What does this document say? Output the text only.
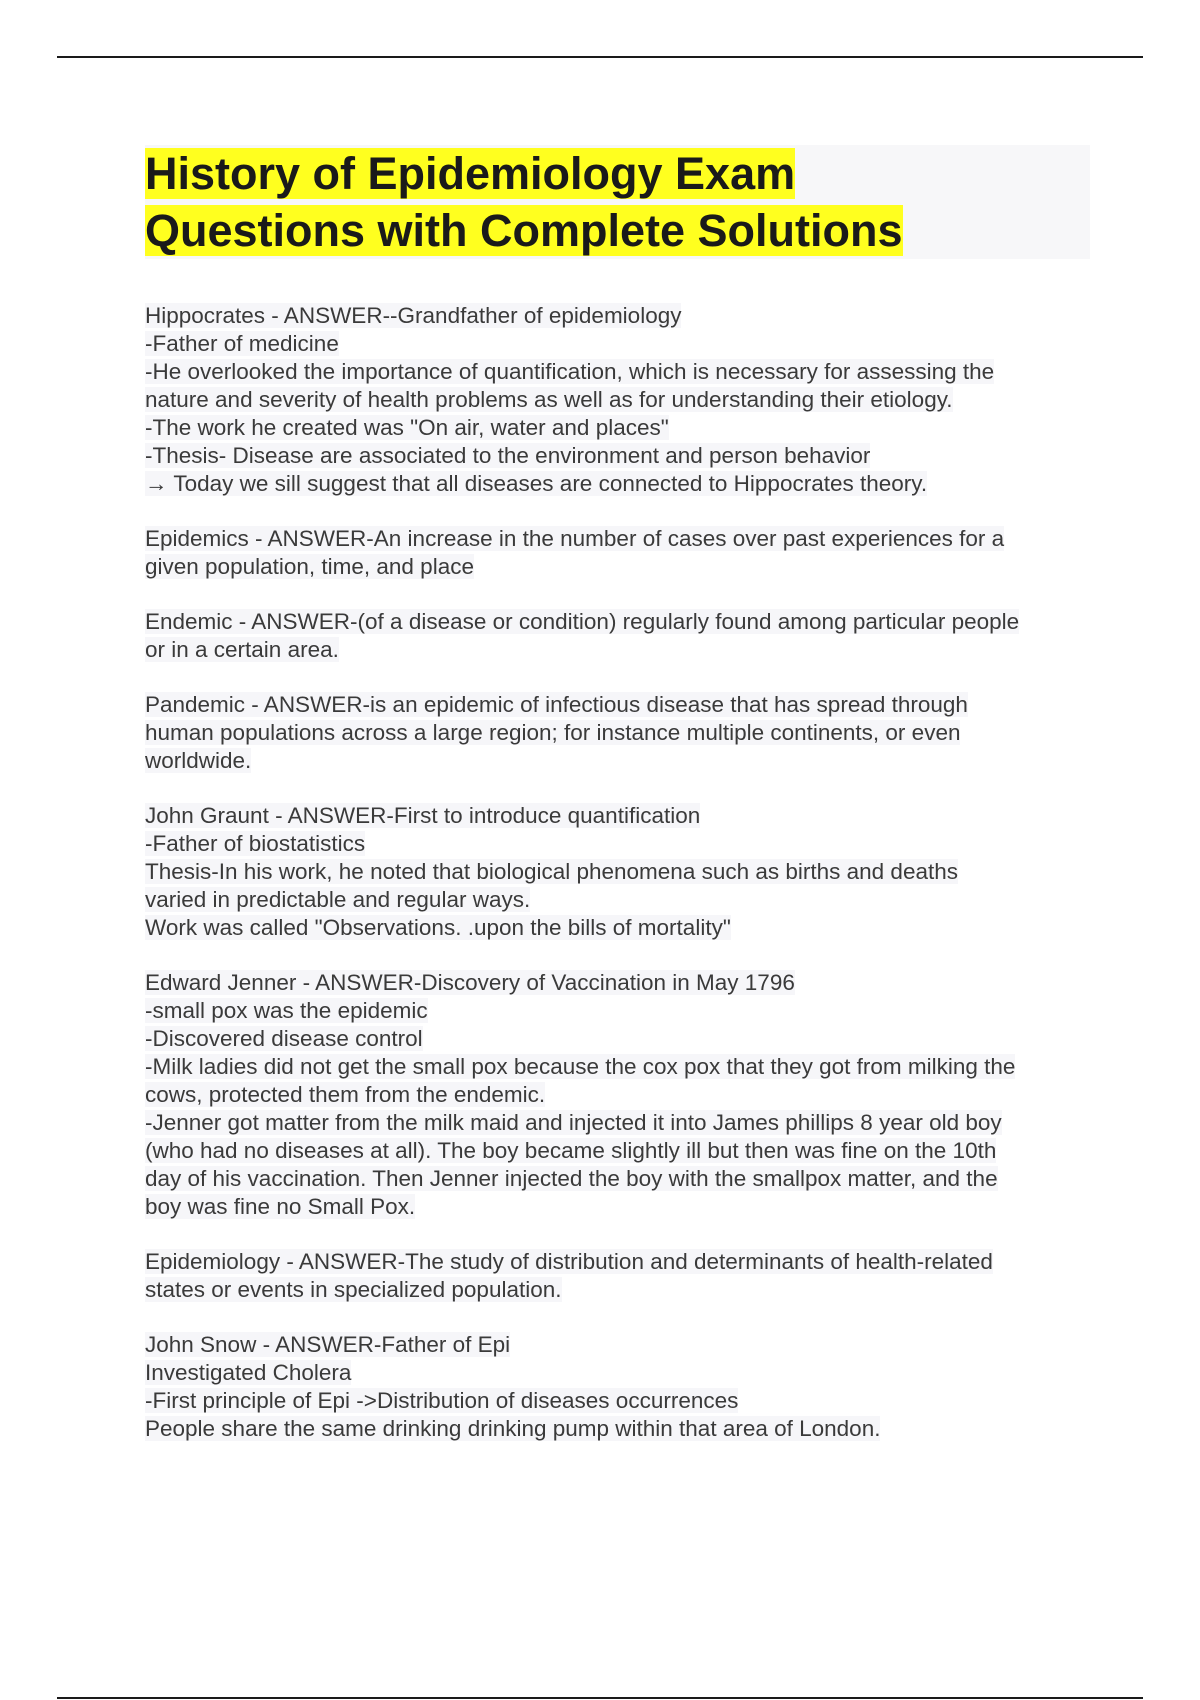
History of Epidemiology Exam
Questions with Complete Solutions

Hippocrates - ANSWER--Grandfather of epidemiology
-Father of medicine
-He overlooked the importance of quantification, which is necessary for assessing the
nature and severity of health problems as well as for understanding their etiology.
-The work he created was "On air, water and places"
-Thesis- Disease are associated to the environment and person behavior
→ Today we sill suggest that all diseases are connected to Hippocrates theory.
Epidemics - ANSWER-An increase in the number of cases over past experiences for a
given population, time, and place
Endemic - ANSWER-(of a disease or condition) regularly found among particular people
or in a certain area.
Pandemic - ANSWER-is an epidemic of infectious disease that has spread through
human populations across a large region; for instance multiple continents, or even
worldwide.
John Graunt - ANSWER-First to introduce quantification
-Father of biostatistics
Thesis-In his work, he noted that biological phenomena such as births and deaths
varied in predictable and regular ways.
Work was called "Observations. .upon the bills of mortality"
Edward Jenner - ANSWER-Discovery of Vaccination in May 1796
-small pox was the epidemic
-Discovered disease control
-Milk ladies did not get the small pox because the cox pox that they got from milking the
cows, protected them from the endemic.
-Jenner got matter from the milk maid and injected it into James phillips 8 year old boy
(who had no diseases at all). The boy became slightly ill but then was fine on the 10th
day of his vaccination. Then Jenner injected the boy with the smallpox matter, and the
boy was fine no Small Pox.
Epidemiology - ANSWER-The study of distribution and determinants of health-related
states or events in specialized population.
John Snow - ANSWER-Father of Epi
Investigated Cholera
-First principle of Epi ->Distribution of diseases occurrences
People share the same drinking drinking pump within that area of London.
